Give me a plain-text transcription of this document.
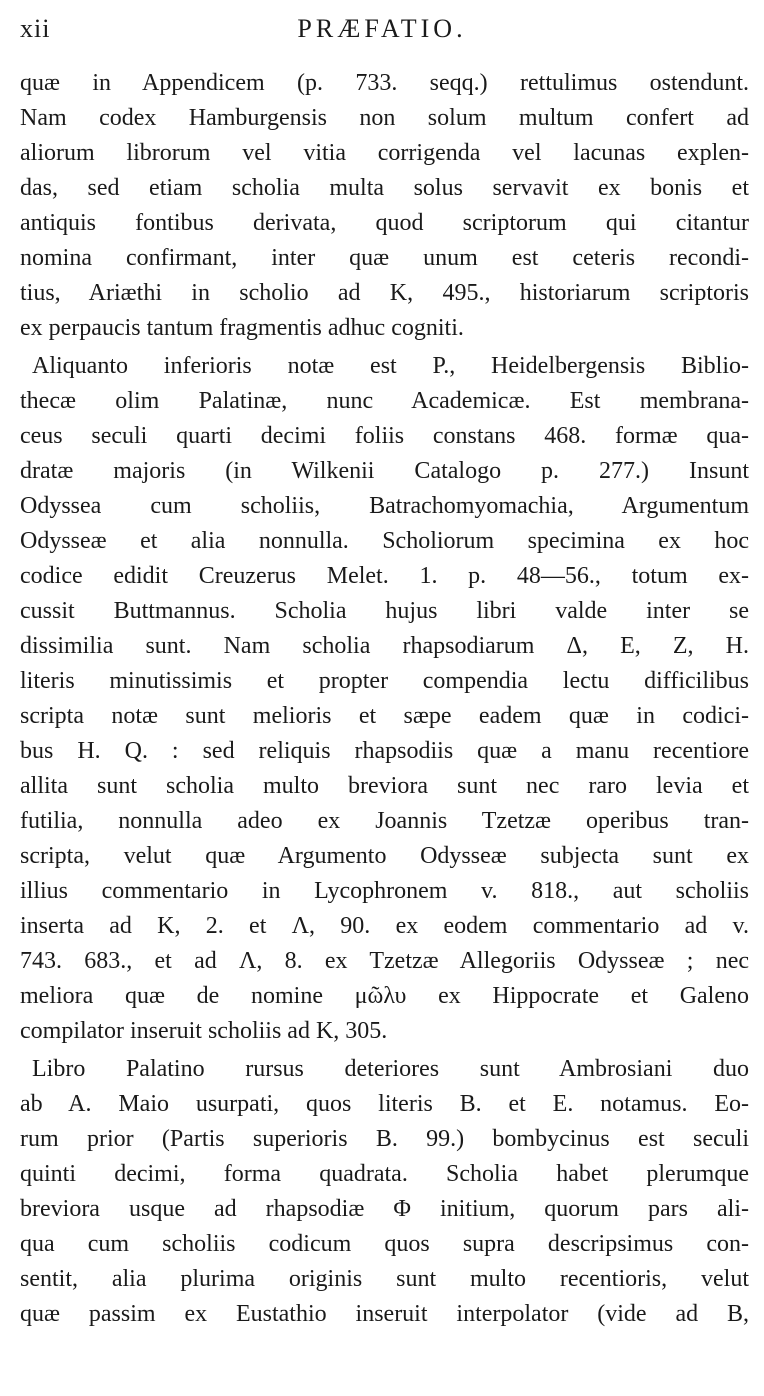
xii	PRÆFATIO.
quæ in Appendicem (p. 733. seqq.) rettulimus ostendunt.
Nam codex Hamburgensis non solum multum confert ad
aliorum librorum vel vitia corrigenda vel lacunas explen-
das, sed etiam scholia multa solus servavit ex bonis et
antiquis fontibus derivata, quod scriptorum qui citantur
nomina confirmant, inter quæ unum est ceteris recondi-
tius, Ariæthi in scholio ad K, 495., historiarum scriptoris
ex perpaucis tantum fragmentis adhuc cogniti.
Aliquanto inferioris notæ est P., Heidelbergensis Biblio-
thecæ olim Palatinæ, nunc Academicæ. Est membrana-
ceus seculi quarti decimi foliis constans 468. formæ qua-
dratæ majoris (in Wilkenii Catalogo p. 277.) Insunt
Odyssea cum scholiis, Batrachomyomachia, Argumentum
Odysseæ et alia nonnulla. Scholiorum specimina ex hoc
codice edidit Creuzerus Melet. 1. p. 48—56., totum ex-
cussit Buttmannus. Scholia hujus libri valde inter se
dissimilia sunt. Nam scholia rhapsodiarum Δ, E, Z, H.
literis minutissimis et propter compendia lectu difficilibus
scripta notæ sunt melioris et sæpe eadem quæ in codici-
bus H. Q. : sed reliquis rhapsodiis quæ a manu recentiore
allita sunt scholia multo breviora sunt nec raro levia et
futilia, nonnulla adeo ex Joannis Tzetzæ operibus tran-
scripta, velut quæ Argumento Odysseæ subjecta sunt ex
illius commentario in Lycophronem v. 818., aut scholiis
inserta ad K, 2. et Λ, 90. ex eodem commentario ad v.
743. 683., et ad Λ, 8. ex Tzetzæ Allegoriis Odysseæ ; nec
meliora quæ de nomine μῶλυ ex Hippocrate et Galeno
compilator inseruit scholiis ad K, 305.
Libro Palatino rursus deteriores sunt Ambrosiani duo
ab A. Maio usurpati, quos literis B. et E. notamus. Eo-
rum prior (Partis superioris B. 99.) bombycinus est seculi
quinti decimi, forma quadrata. Scholia habet plerumque
breviora usque ad rhapsodiæ Φ initium, quorum pars ali-
qua cum scholiis codicum quos supra descripsimus con-
sentit, alia plurima originis sunt multo recentioris, velut
quæ passim ex Eustathio inseruit interpolator (vide ad B,
